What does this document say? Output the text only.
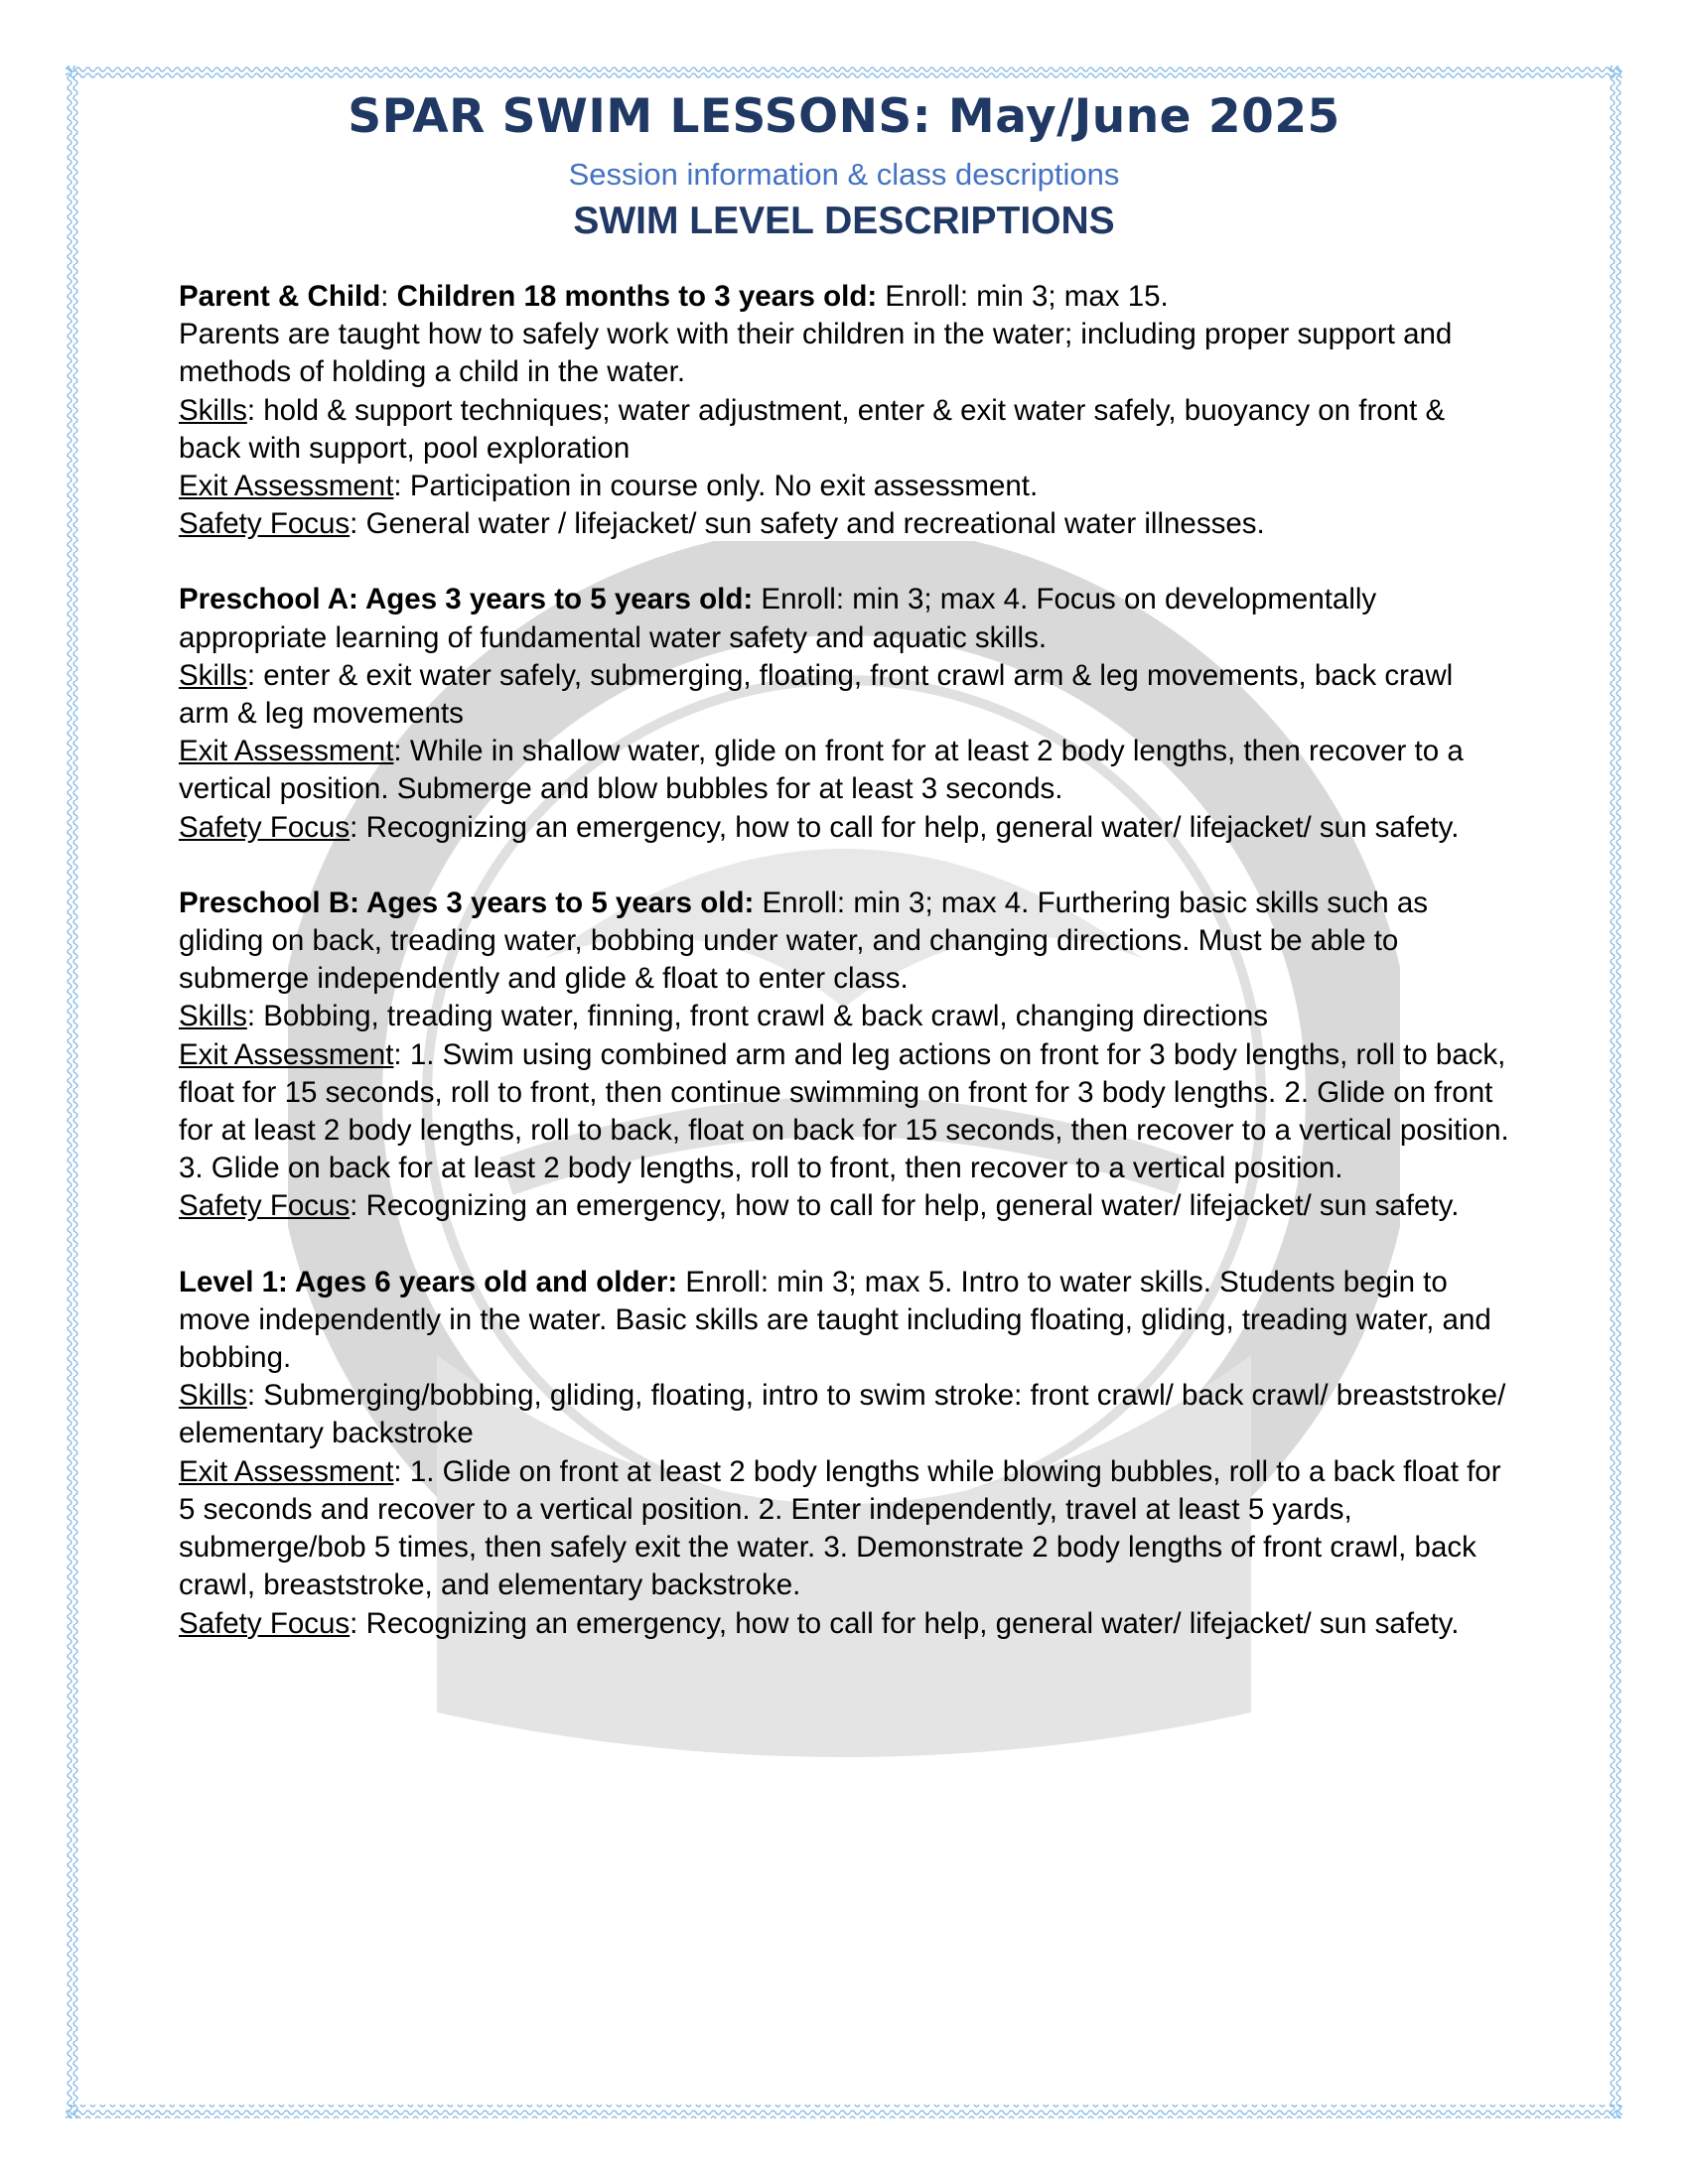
SPAR SWIM LESSONS: May/June 2025
Session information & class descriptions
SWIM LEVEL DESCRIPTIONS

Parent & Child: Children 18 months to 3 years old: Enroll: min 3; max 15.

Parents are taught how to safely work with their children in the water; including proper support and methods of holding a child in the water.

Skills: hold & support techniques; water adjustment, enter & exit water safely, buoyancy on front & back with support, pool exploration

Exit Assessment: Participation in course only. No exit assessment.

Safety Focus: General water / lifejacket/ sun safety and recreational water illnesses.

Preschool A: Ages 3 years to 5 years old: Enroll: min 3; max 4. Focus on developmentally appropriate learning of fundamental water safety and aquatic skills.

Skills: enter & exit water safely, submerging, floating, front crawl arm & leg movements, back crawl arm & leg movements

Exit Assessment: While in shallow water, glide on front for at least 2 body lengths, then recover to a vertical position. Submerge and blow bubbles for at least 3 seconds.

Safety Focus: Recognizing an emergency, how to call for help, general water/ lifejacket/ sun safety.

Preschool B: Ages 3 years to 5 years old: Enroll: min 3; max 4. Furthering basic skills such as gliding on back, treading water, bobbing under water, and changing directions. Must be able to submerge independently and glide & float to enter class.

Skills: Bobbing, treading water, finning, front crawl & back crawl, changing directions

Exit Assessment: 1. Swim using combined arm and leg actions on front for 3 body lengths, roll to back, float for 15 seconds, roll to front, then continue swimming on front for 3 body lengths. 2. Glide on front for at least 2 body lengths, roll to back, float on back for 15 seconds, then recover to a vertical position. 3. Glide on back for at least 2 body lengths, roll to front, then recover to a vertical position.

Safety Focus: Recognizing an emergency, how to call for help, general water/ lifejacket/ sun safety.

Level 1: Ages 6 years old and older: Enroll: min 3; max 5. Intro to water skills. Students begin to move independently in the water. Basic skills are taught including floating, gliding, treading water, and bobbing.

Skills: Submerging/bobbing, gliding, floating, intro to swim stroke: front crawl/ back crawl/ breaststroke/ elementary backstroke

Exit Assessment: 1. Glide on front at least 2 body lengths while blowing bubbles, roll to a back float for 5 seconds and recover to a vertical position. 2. Enter independently, travel at least 5 yards, submerge/bob 5 times, then safely exit the water. 3. Demonstrate 2 body lengths of front crawl, back crawl, breaststroke, and elementary backstroke.

Safety Focus: Recognizing an emergency, how to call for help, general water/ lifejacket/ sun safety.
